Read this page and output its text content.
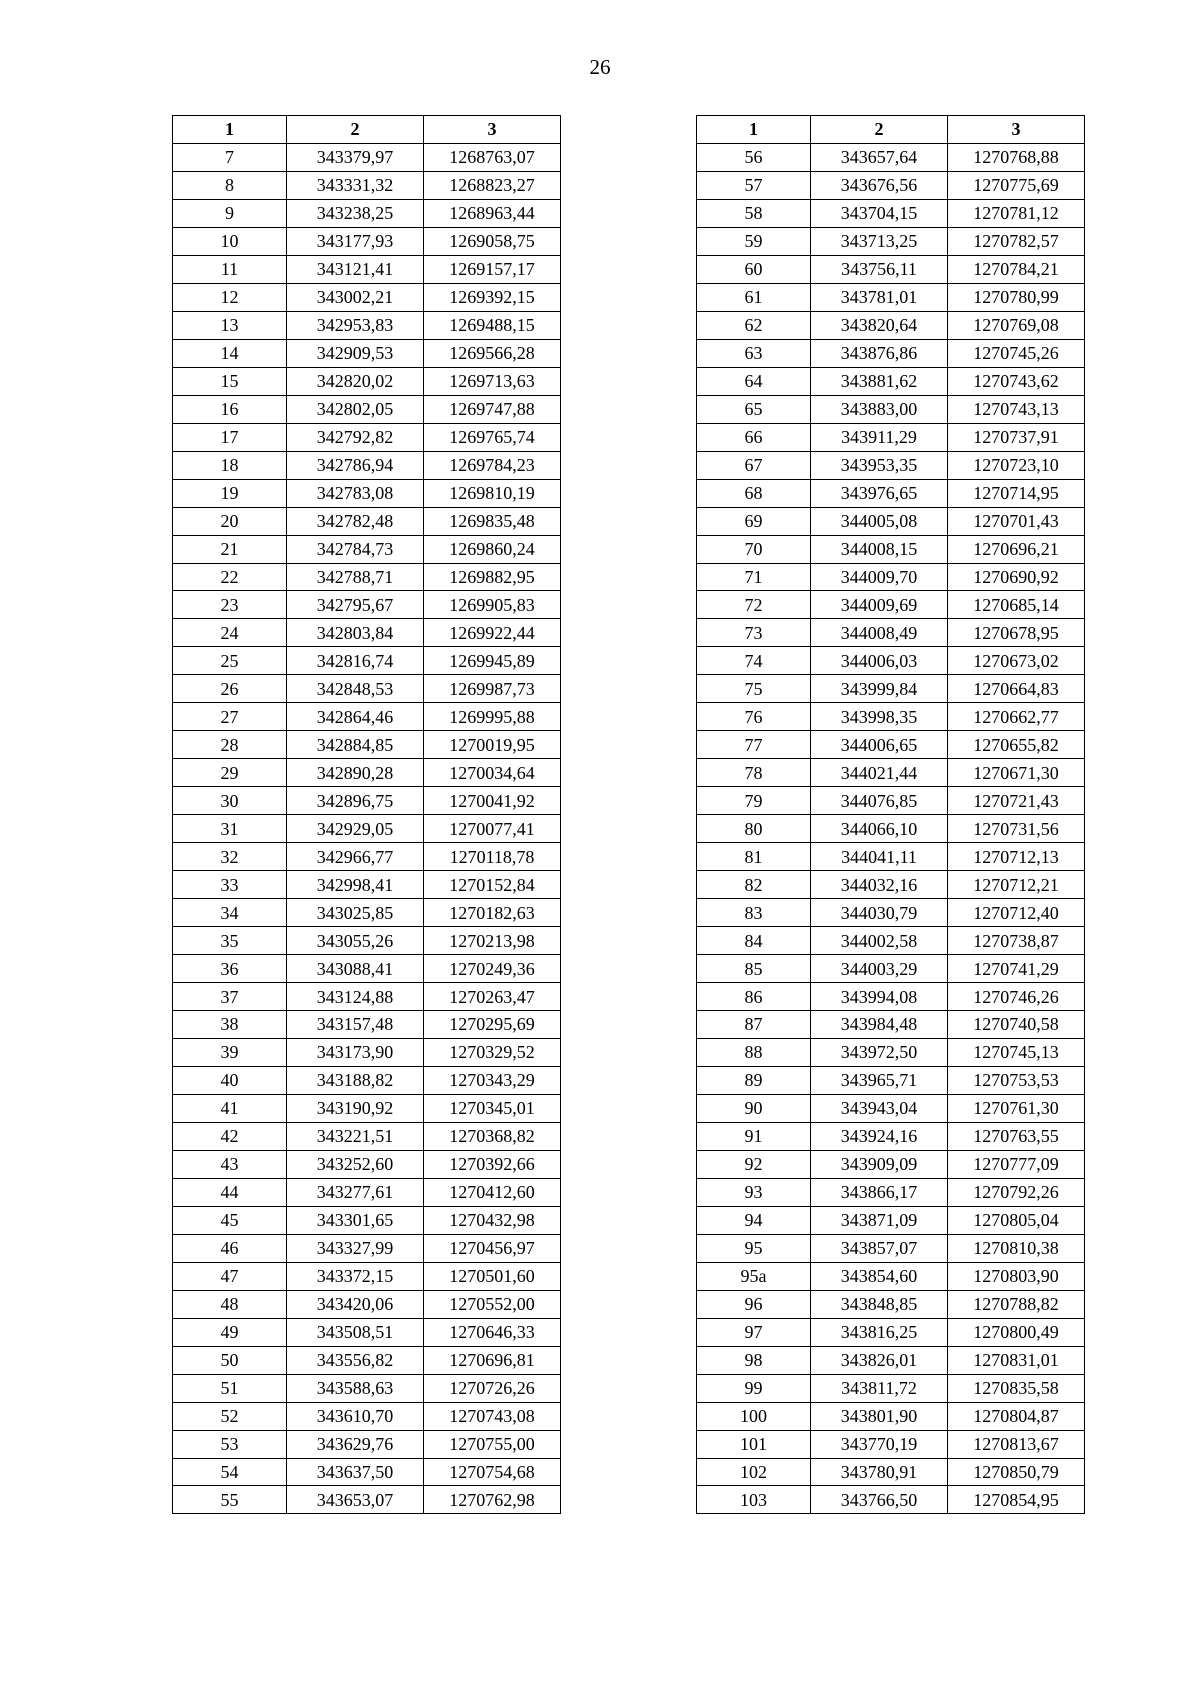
26
1	2	3
7	343379,97	1268763,07
8	343331,32	1268823,27
9	343238,25	1268963,44
10	343177,93	1269058,75
11	343121,41	1269157,17
12	343002,21	1269392,15
13	342953,83	1269488,15
14	342909,53	1269566,28
15	342820,02	1269713,63
16	342802,05	1269747,88
17	342792,82	1269765,74
18	342786,94	1269784,23
19	342783,08	1269810,19
20	342782,48	1269835,48
21	342784,73	1269860,24
22	342788,71	1269882,95
23	342795,67	1269905,83
24	342803,84	1269922,44
25	342816,74	1269945,89
26	342848,53	1269987,73
27	342864,46	1269995,88
28	342884,85	1270019,95
29	342890,28	1270034,64
30	342896,75	1270041,92
31	342929,05	1270077,41
32	342966,77	1270118,78
33	342998,41	1270152,84
34	343025,85	1270182,63
35	343055,26	1270213,98
36	343088,41	1270249,36
37	343124,88	1270263,47
38	343157,48	1270295,69
39	343173,90	1270329,52
40	343188,82	1270343,29
41	343190,92	1270345,01
42	343221,51	1270368,82
43	343252,60	1270392,66
44	343277,61	1270412,60
45	343301,65	1270432,98
46	343327,99	1270456,97
47	343372,15	1270501,60
48	343420,06	1270552,00
49	343508,51	1270646,33
50	343556,82	1270696,81
51	343588,63	1270726,26
52	343610,70	1270743,08
53	343629,76	1270755,00
54	343637,50	1270754,68
55	343653,07	1270762,98
1	2	3
56	343657,64	1270768,88
57	343676,56	1270775,69
58	343704,15	1270781,12
59	343713,25	1270782,57
60	343756,11	1270784,21
61	343781,01	1270780,99
62	343820,64	1270769,08
63	343876,86	1270745,26
64	343881,62	1270743,62
65	343883,00	1270743,13
66	343911,29	1270737,91
67	343953,35	1270723,10
68	343976,65	1270714,95
69	344005,08	1270701,43
70	344008,15	1270696,21
71	344009,70	1270690,92
72	344009,69	1270685,14
73	344008,49	1270678,95
74	344006,03	1270673,02
75	343999,84	1270664,83
76	343998,35	1270662,77
77	344006,65	1270655,82
78	344021,44	1270671,30
79	344076,85	1270721,43
80	344066,10	1270731,56
81	344041,11	1270712,13
82	344032,16	1270712,21
83	344030,79	1270712,40
84	344002,58	1270738,87
85	344003,29	1270741,29
86	343994,08	1270746,26
87	343984,48	1270740,58
88	343972,50	1270745,13
89	343965,71	1270753,53
90	343943,04	1270761,30
91	343924,16	1270763,55
92	343909,09	1270777,09
93	343866,17	1270792,26
94	343871,09	1270805,04
95	343857,07	1270810,38
95a	343854,60	1270803,90
96	343848,85	1270788,82
97	343816,25	1270800,49
98	343826,01	1270831,01
99	343811,72	1270835,58
100	343801,90	1270804,87
101	343770,19	1270813,67
102	343780,91	1270850,79
103	343766,50	1270854,95
